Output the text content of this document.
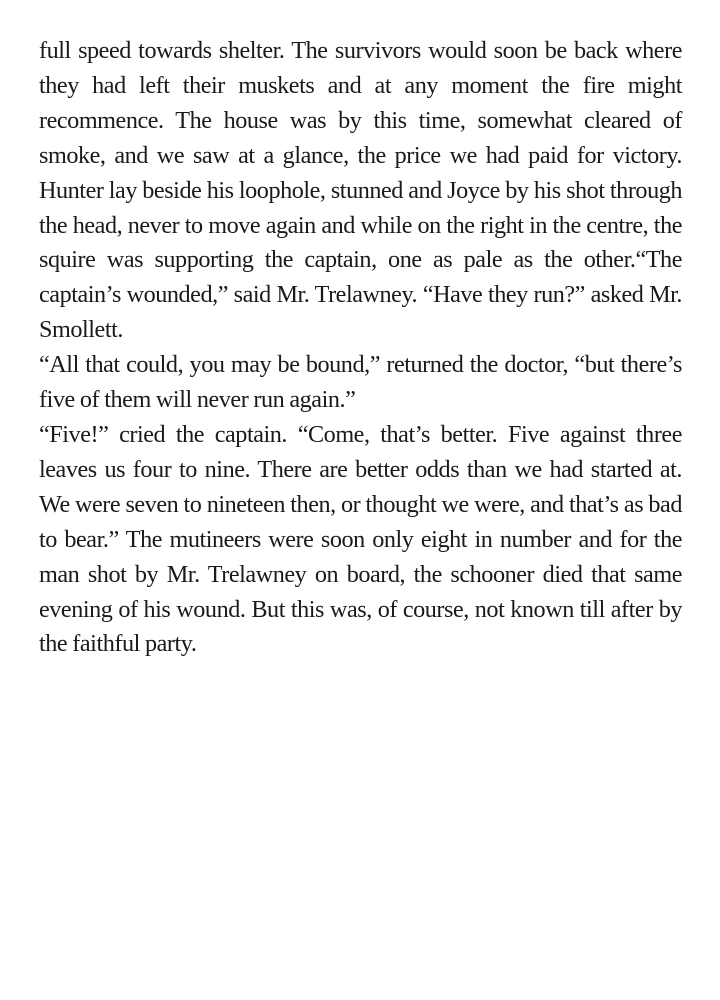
full speed towards shelter. The survivors would soon be back where they had left their muskets and at any moment the fire might recommence. The house was by this time, somewhat cleared of smoke, and we saw at a glance, the price we had paid for victory. Hunter lay beside his loophole, stunned and Joyce by his shot through the head, never to move again and while on the right in the centre, the squire was supporting the captain, one as pale as the other.“The captain’s wounded,” said Mr. Trelawney. “Have they run?” asked Mr. Smollett.

“All that could, you may be bound,” returned the doctor, “but there’s five of them will never run again.”

“Five!” cried the captain. “Come, that’s better. Five against three leaves us four to nine. There are better odds than we had started at. We were seven to nineteen then, or thought we were, and that’s as bad to bear.” The mutineers were soon only eight in number and for the man shot by Mr. Trelawney on board, the schooner died that same evening of his wound. But this was, of course, not known till after by the faithful party.
